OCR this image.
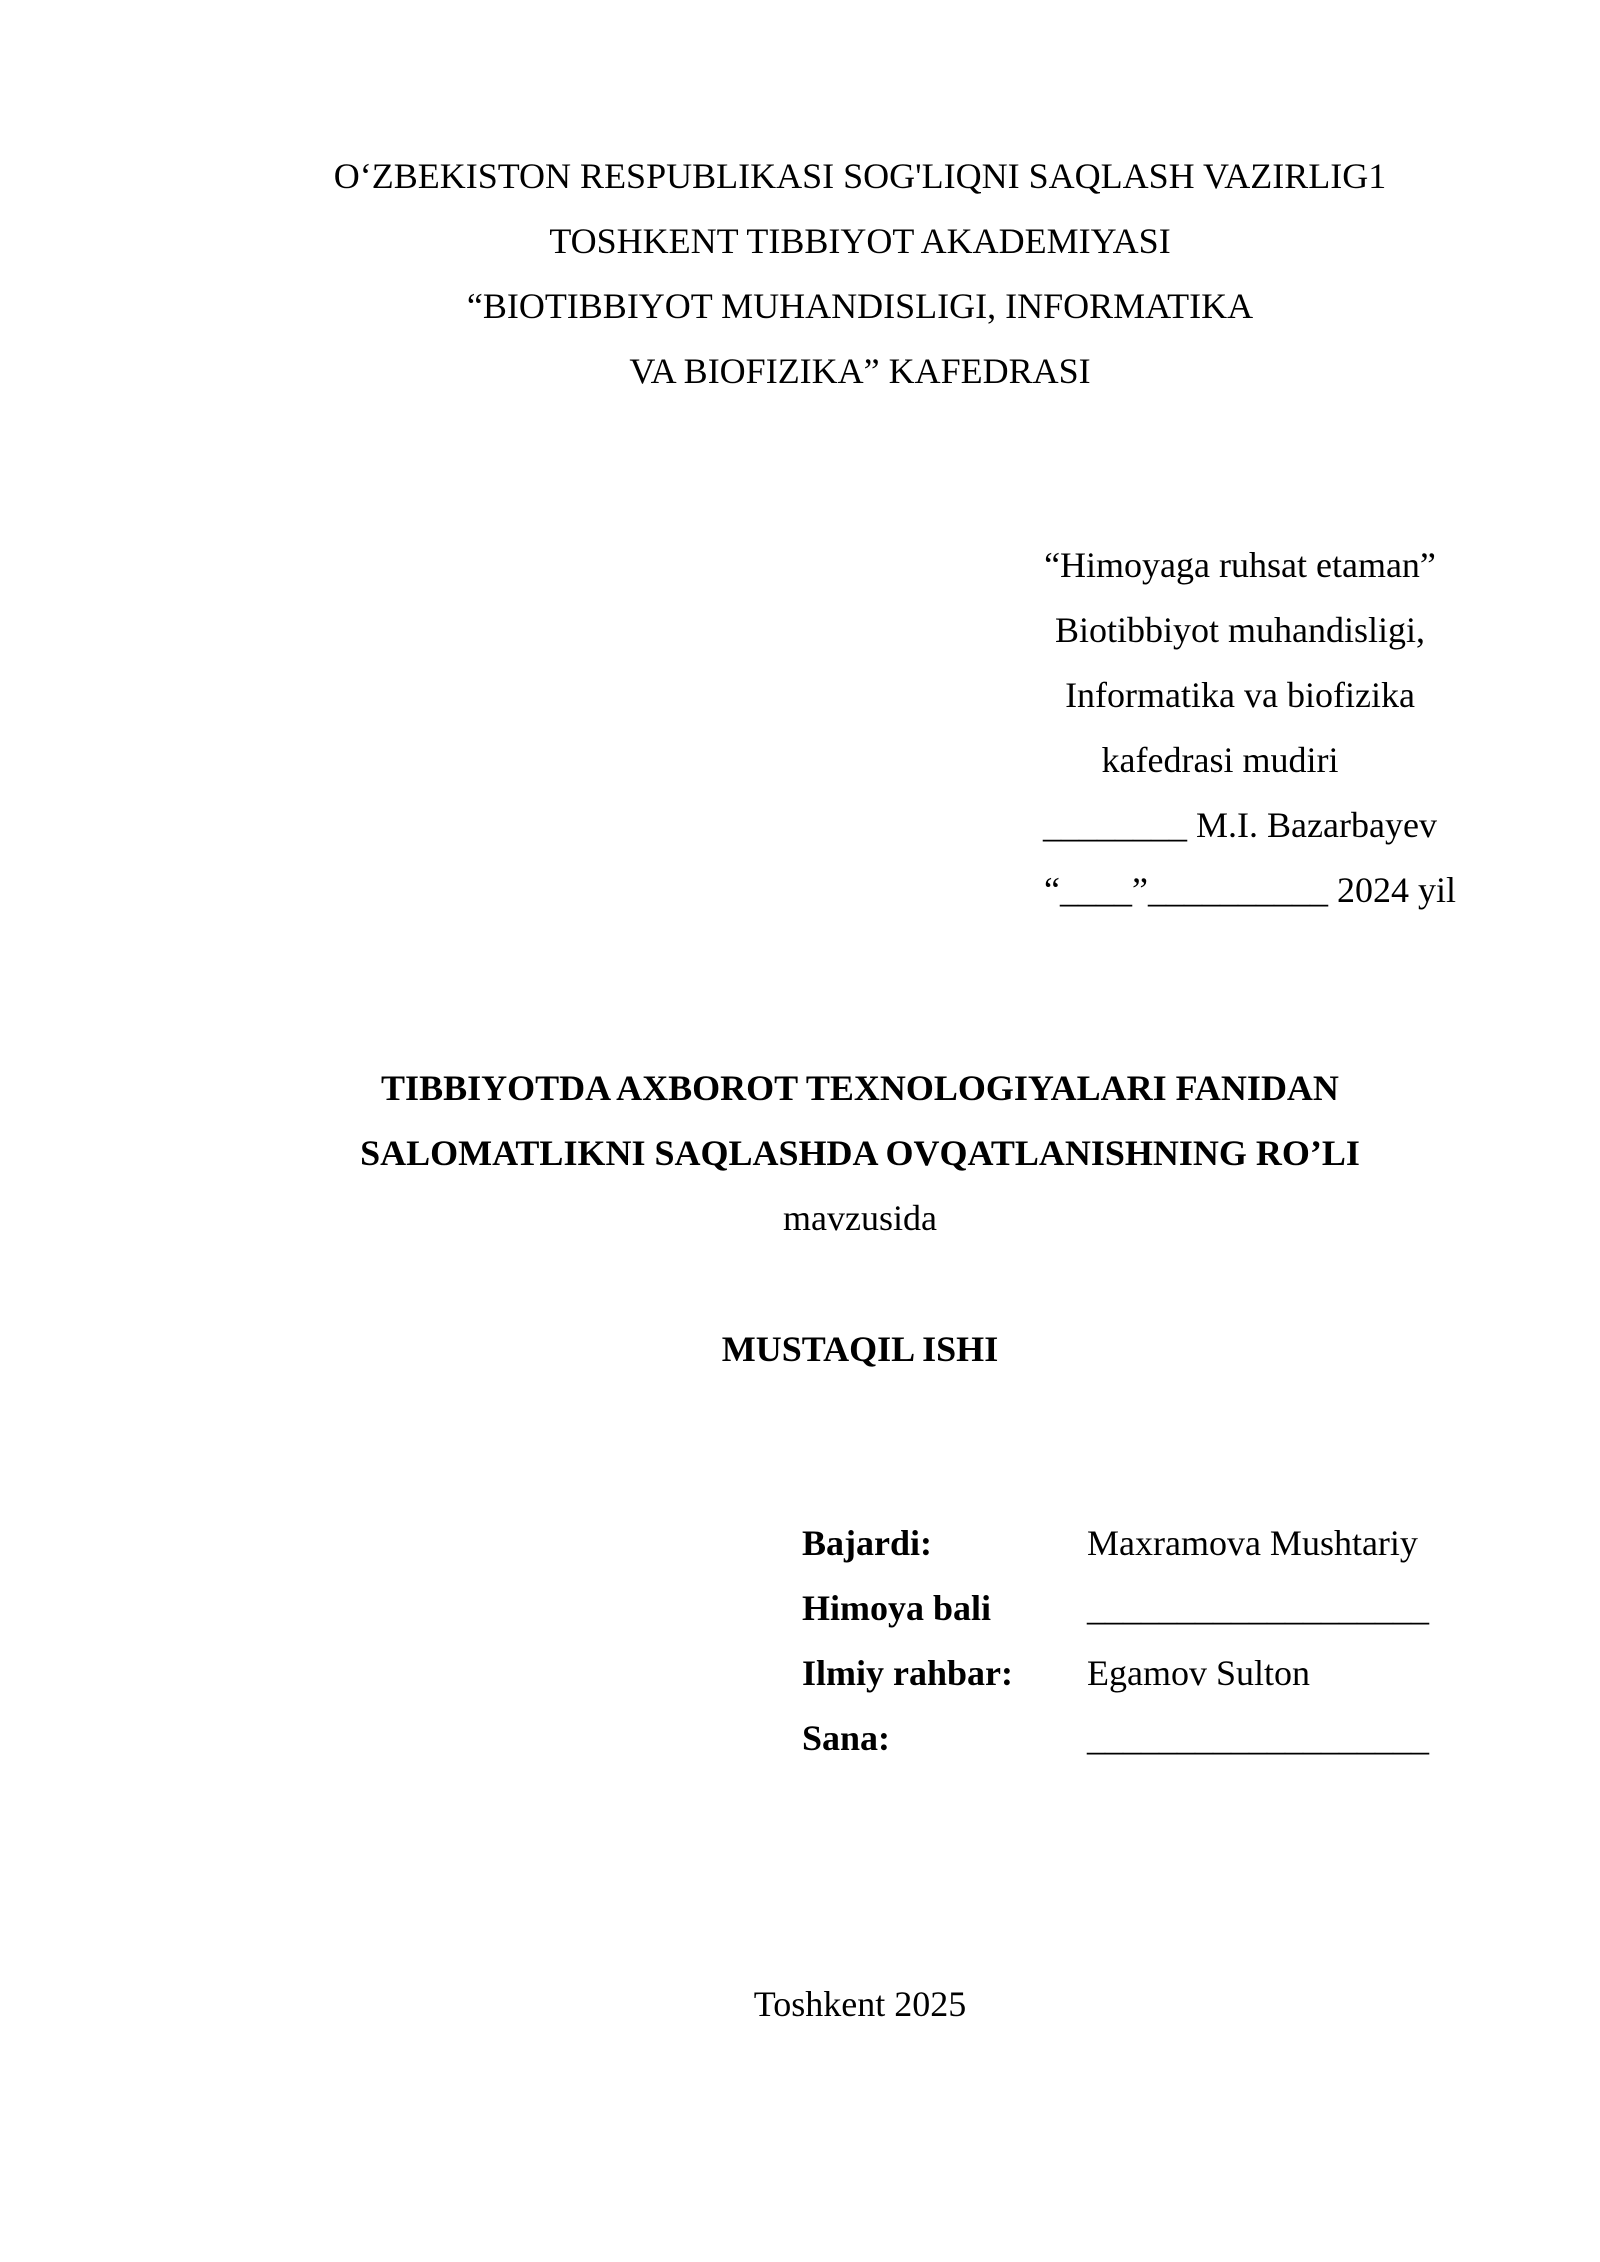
O‘ZBEKISTON RESPUBLIKASI SOG'LIQNI SAQLASH VAZIRLIG1
TOSHKENT TIBBIYOT AKADEMIYASI
“BIOTIBBIYOT MUHANDISLIGI, INFORMATIKA
VA BIOFIZIKA” KAFEDRASI
“Himoyaga ruhsat etaman”
Biotibbiyot muhandisligi,
Informatika va biofizika
kafedrasi mudiri
________ M.I. Bazarbayev
“____”__________ 2024 yil
TIBBIYOTDA AXBOROT TEXNOLOGIYALARI FANIDAN
SALOMATLIKNI SAQLASHDA OVQATLANISHNING RO’LI
mavzusida
MUSTAQIL ISHI
Bajardi:	Maxramova Mushtariy
Himoya bali	___________________
Ilmiy rahbar: Egamov Sulton
Sana:	___________________
Toshkent 2025
